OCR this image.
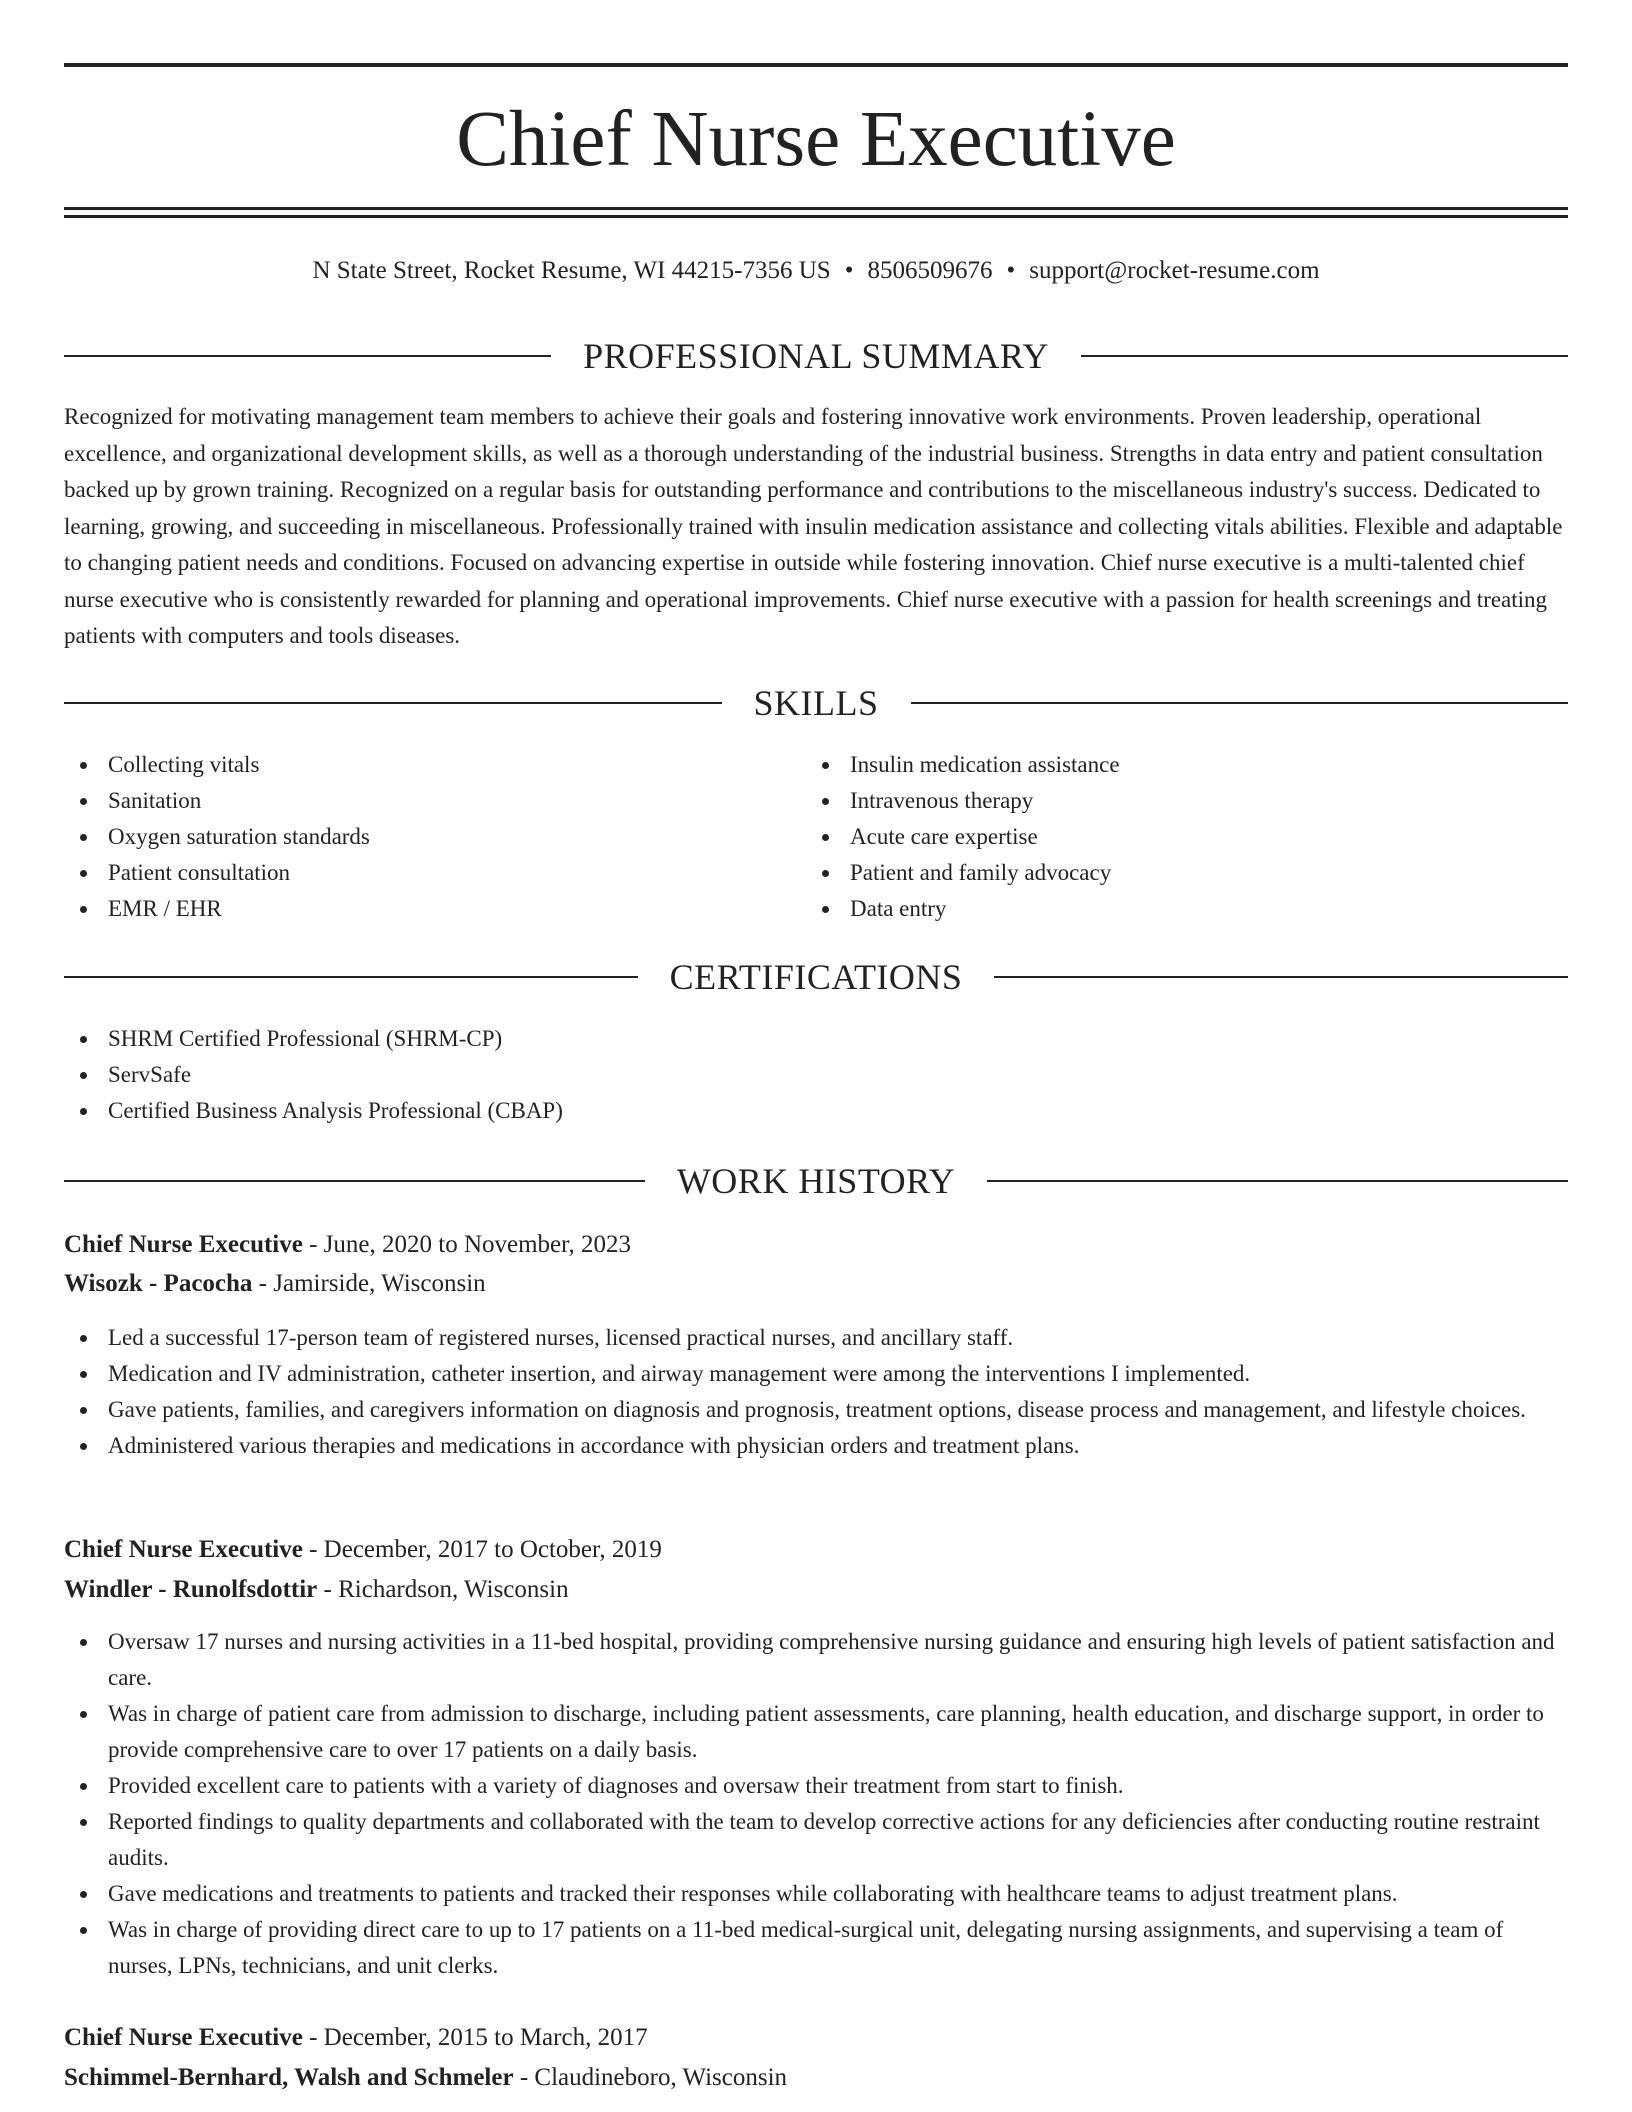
Chief Nurse Executive
N State Street, Rocket Resume, WI 44215-7356 US • 8506509676 • support@rocket-resume.com
PROFESSIONAL SUMMARY

Recognized for motivating management team members to achieve their goals and fostering innovative work environments. Proven leadership, operational excellence, and organizational development skills, as well as a thorough understanding of the industrial business. Strengths in data entry and patient consultation backed up by grown training. Recognized on a regular basis for outstanding performance and contributions to the miscellaneous industry's success. Dedicated to learning, growing, and succeeding in miscellaneous. Professionally trained with insulin medication assistance and collecting vitals abilities. Flexible and adaptable to changing patient needs and conditions. Focused on advancing expertise in outside while fostering innovation. Chief nurse executive is a multi-talented chief nurse executive who is consistently rewarded for planning and operational improvements. Chief nurse executive with a passion for health screenings and treating patients with computers and tools diseases.

SKILLS
Collecting vitals
Sanitation
Oxygen saturation standards
Patient consultation
EMR / EHR
Insulin medication assistance
Intravenous therapy
Acute care expertise
Patient and family advocacy
Data entry
CERTIFICATIONS
SHRM Certified Professional (SHRM-CP)
ServSafe
Certified Business Analysis Professional (CBAP)
WORK HISTORY
Chief Nurse Executive - June, 2020 to November, 2023
Wisozk - Pacocha - Jamirside, Wisconsin
Led a successful 17-person team of registered nurses, licensed practical nurses, and ancillary staff.
Medication and IV administration, catheter insertion, and airway management were among the interventions I implemented.
Gave patients, families, and caregivers information on diagnosis and prognosis, treatment options, disease process and management, and lifestyle choices.
Administered various therapies and medications in accordance with physician orders and treatment plans.
Chief Nurse Executive - December, 2017 to October, 2019
Windler - Runolfsdottir - Richardson, Wisconsin
Oversaw 17 nurses and nursing activities in a 11-bed hospital, providing comprehensive nursing guidance and ensuring high levels of patient satisfaction and care.
Was in charge of patient care from admission to discharge, including patient assessments, care planning, health education, and discharge support, in order to provide comprehensive care to over 17 patients on a daily basis.
Provided excellent care to patients with a variety of diagnoses and oversaw their treatment from start to finish.
Reported findings to quality departments and collaborated with the team to develop corrective actions for any deficiencies after conducting routine restraint audits.
Gave medications and treatments to patients and tracked their responses while collaborating with healthcare teams to adjust treatment plans.
Was in charge of providing direct care to up to 17 patients on a 11-bed medical-surgical unit, delegating nursing assignments, and supervising a team of nurses, LPNs, technicians, and unit clerks.
Chief Nurse Executive - December, 2015 to March, 2017
Schimmel-Bernhard, Walsh and Schmeler - Claudineboro, Wisconsin
